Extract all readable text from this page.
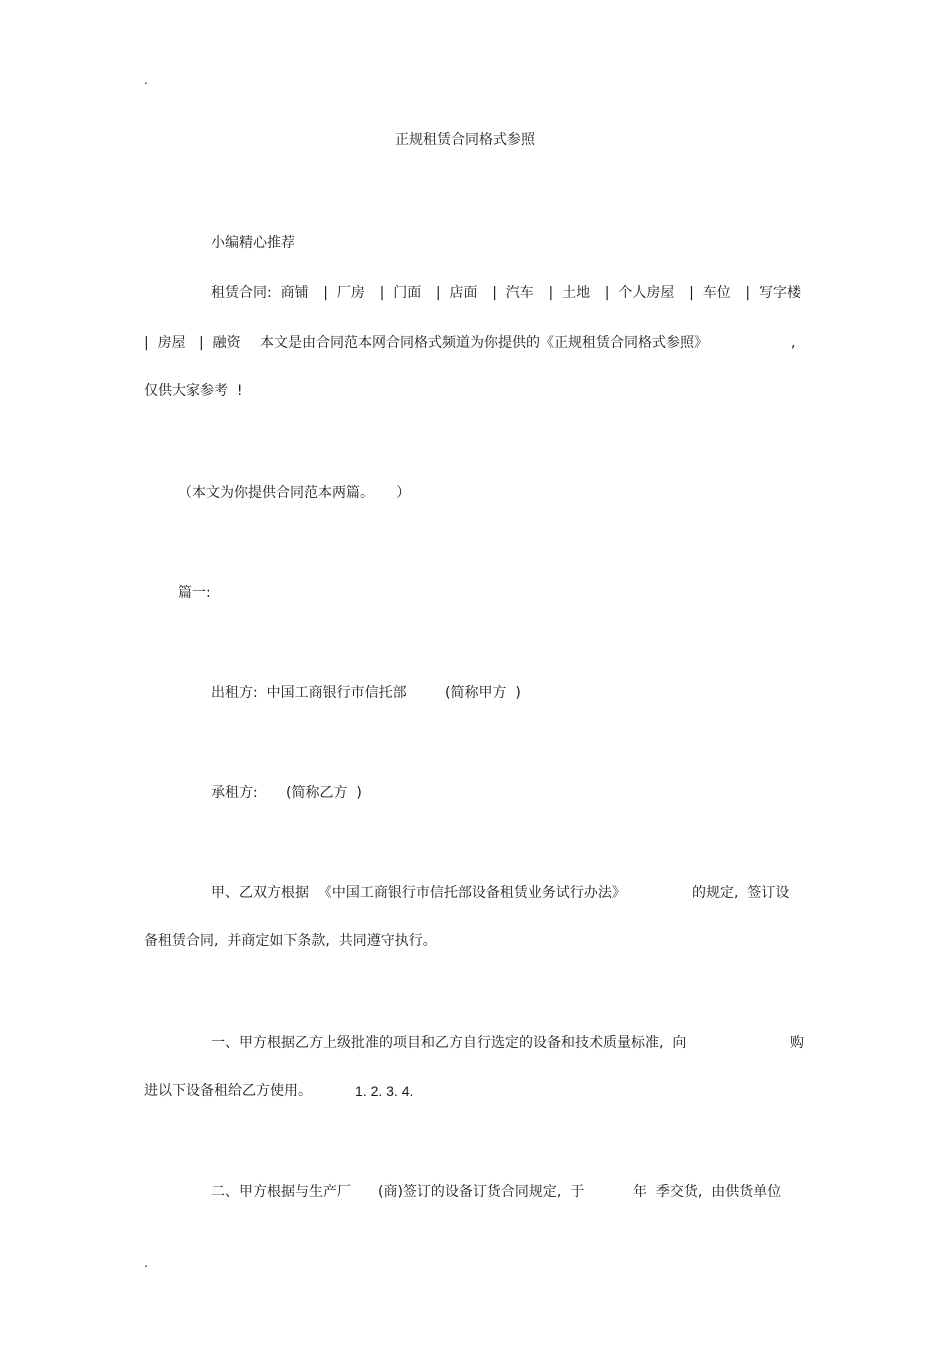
.
正规租赁合同格式参照
小编精心推荐
租赁合同:  商铺 |  厂房 |  门面 |  店面 |  汽车 |  土地 |  个人房屋 |  车位 |  写字楼
|  房屋   |  融资 本文是由合同范本网合同格式频道为你提供的《正规租赁合同格式参照》	,
仅供大家参考  !
（本文为你提供合同范本两篇。     ）
篇一:
出租方:  中国工商银行市信托部	(简称甲方  )
承租方: (简称乙方  )
甲、乙双方根据  《中国工商银行市信托部设备租赁业务试行办法》	的规定,  签订设
备租赁合同,  并商定如下条款,  共同遵守执行。
一、甲方根据乙方上级批准的项目和乙方自行选定的设备和技术质量标准,  向	购
进以下设备租给乙方使用。	1. 2. 3. 4.
二、甲方根据与生产厂 (商)签订的设备订货合同规定,  于	年  季交货,  由供货单位
.
